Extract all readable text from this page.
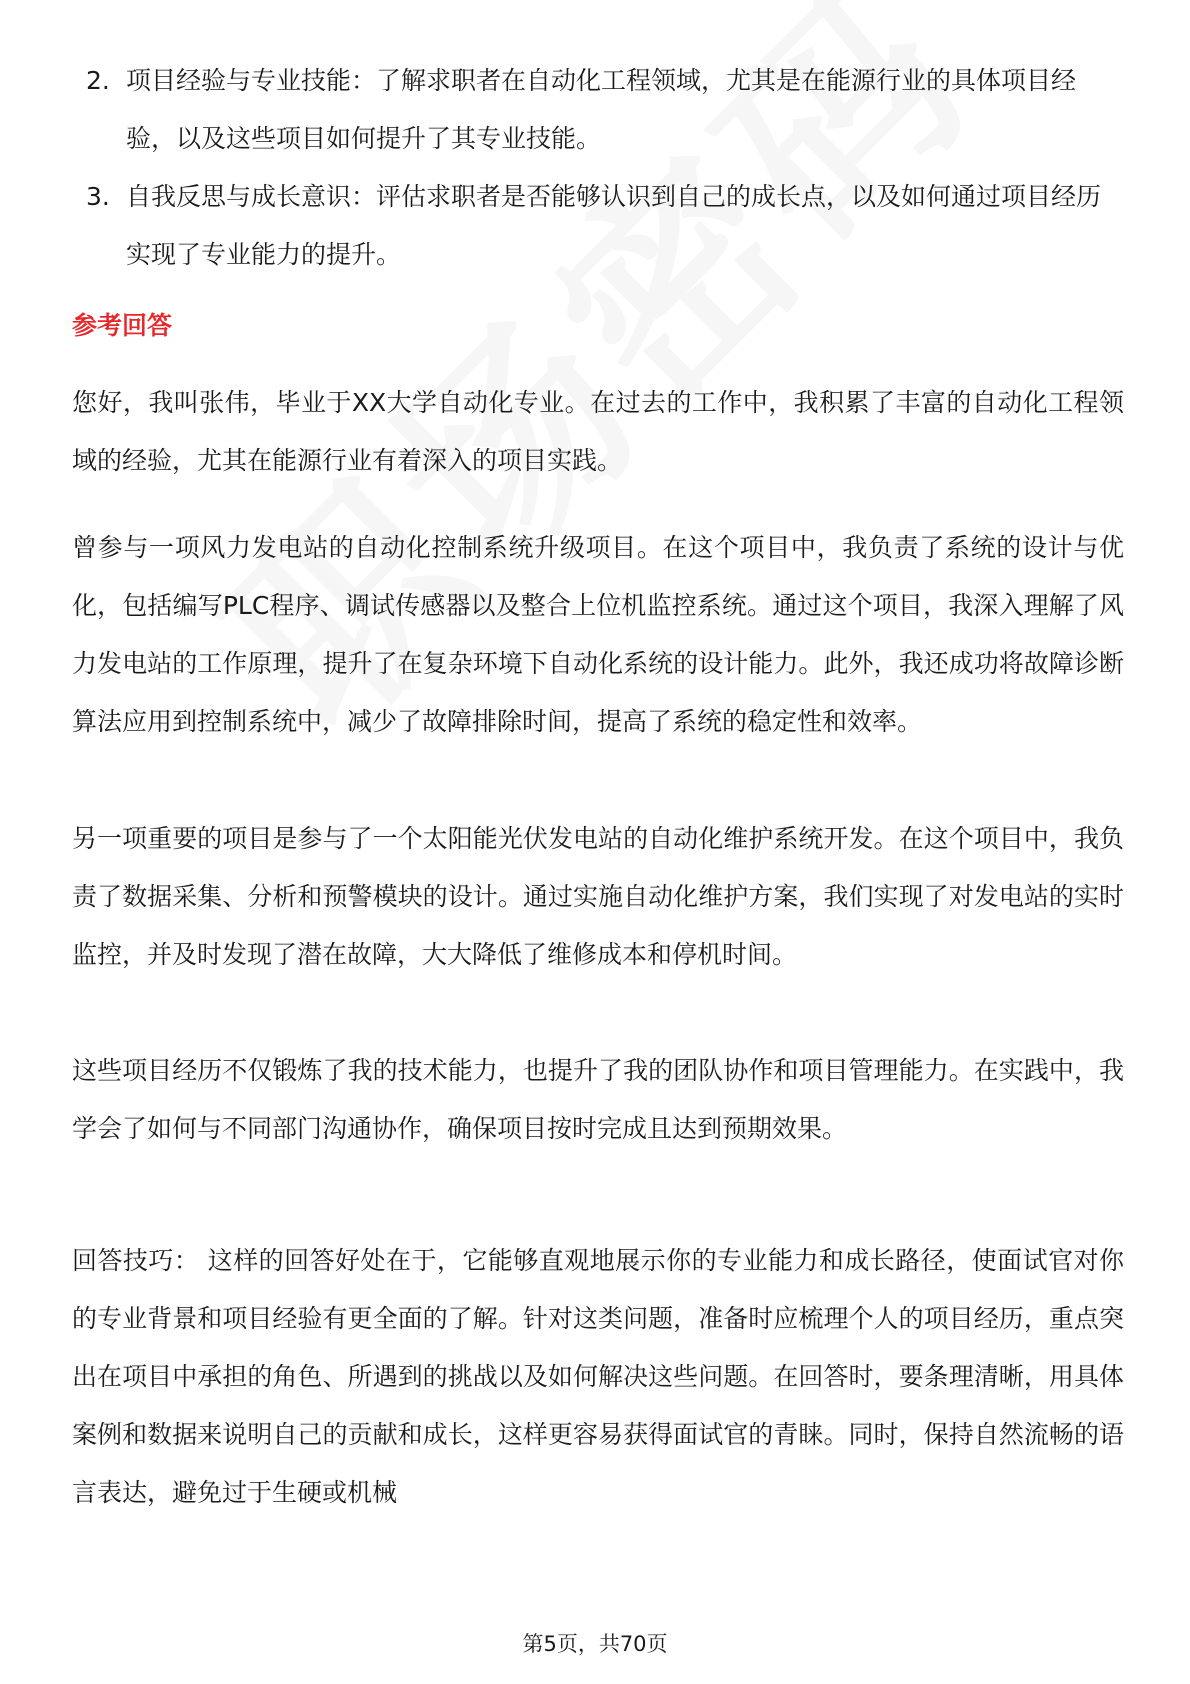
2. 项目经验与专业技能：了解求职者在自动化工程领域，尤其是在能源行业的具体项目经验，以及这些项目如何提升了其专业技能。
3. 自我反思与成长意识：评估求职者是否能够认识到自己的成长点，以及如何通过项目经历实现了专业能力的提升。
参考回答

您好，我叫张伟，毕业于XX大学自动化专业。在过去的工作中，我积累了丰富的自动化工程领域的经验，尤其在能源行业有着深入的项目实践。

曾参与一项风力发电站的自动化控制系统升级项目。在这个项目中，我负责了系统的设计与优化，包括编写PLC程序、调试传感器以及整合上位机监控系统。通过这个项目，我深入理解了风力发电站的工作原理，提升了在复杂环境下自动化系统的设计能力。此外，我还成功将故障诊断算法应用到控制系统中，减少了故障排除时间，提高了系统的稳定性和效率。

另一项重要的项目是参与了一个太阳能光伏发电站的自动化维护系统开发。在这个项目中，我负责了数据采集、分析和预警模块的设计。通过实施自动化维护方案，我们实现了对发电站的实时监控，并及时发现了潜在故障，大大降低了维修成本和停机时间。

这些项目经历不仅锻炼了我的技术能力，也提升了我的团队协作和项目管理能力。在实践中，我学会了如何与不同部门沟通协作，确保项目按时完成且达到预期效果。

回答技巧： 这样的回答好处在于，它能够直观地展示你的专业能力和成长路径，使面试官对你的专业背景和项目经验有更全面的了解。针对这类问题，准备时应梳理个人的项目经历，重点突出在项目中承担的角色、所遇到的挑战以及如何解决这些问题。在回答时，要条理清晰，用具体案例和数据来说明自己的贡献和成长，这样更容易获得面试官的青睐。同时，保持自然流畅的语言表达，避免过于生硬或机械

第5页，共70页
